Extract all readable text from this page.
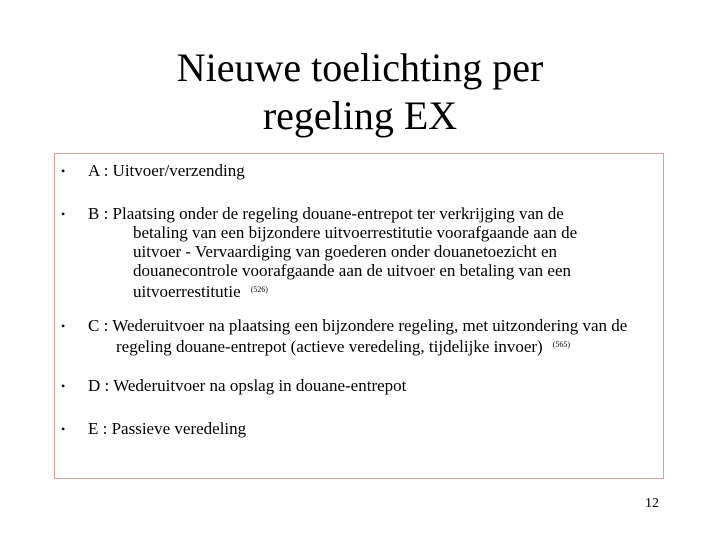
Nieuwe toelichting per
regeling EX
• A : Uitvoer/verzending
• B : Plaatsing onder de regeling douane-entrepot ter verkrijging van de betaling van een bijzondere uitvoerrestitutie voorafgaande aan de uitvoer - Vervaardiging van goederen onder douanetoezicht en douanecontrole voorafgaande aan de uitvoer en betaling van een uitvoerrestitutie $^{(526)}$
• C : Wederuitvoer na plaatsing een bijzondere regeling, met uitzondering van de regeling douane-entrepot (actieve veredeling, tijdelijke invoer) $^{(565)}$
• D : Wederuitvoer na opslag in douane-entrepot
• E : Passieve veredeling
12
